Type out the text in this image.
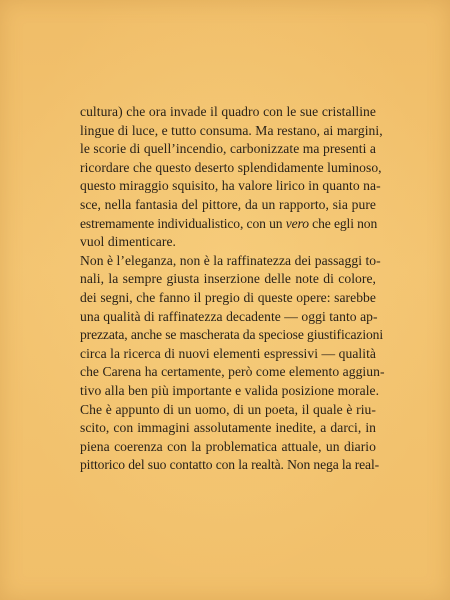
cultura) che ora invade il quadro con le sue cristalline
lingue di luce, e tutto consuma. Ma restano, ai margini,
le scorie di quell’incendio, carbonizzate ma presenti a
ricordare che questo deserto splendidamente luminoso,
questo miraggio squisito, ha valore lirico in quanto na-
sce, nella fantasia del pittore, da un rapporto, sia pure
estremamente individualistico, con un vero che egli non
vuol dimenticare.
Non è l’eleganza, non è la raffinatezza dei passaggi to-
nali, la sempre giusta inserzione delle note di colore,
dei segni, che fanno il pregio di queste opere: sarebbe
una qualità di raffinatezza decadente — oggi tanto ap-
prezzata, anche se mascherata da speciose giustificazioni
circa la ricerca di nuovi elementi espressivi — qualità
che Carena ha certamente, però come elemento aggiun-
tivo alla ben più importante e valida posizione morale.
Che è appunto di un uomo, di un poeta, il quale è riu-
scito, con immagini assolutamente inedite, a darci, in
piena coerenza con la problematica attuale, un diario
pittorico del suo contatto con la realtà. Non nega la real-
